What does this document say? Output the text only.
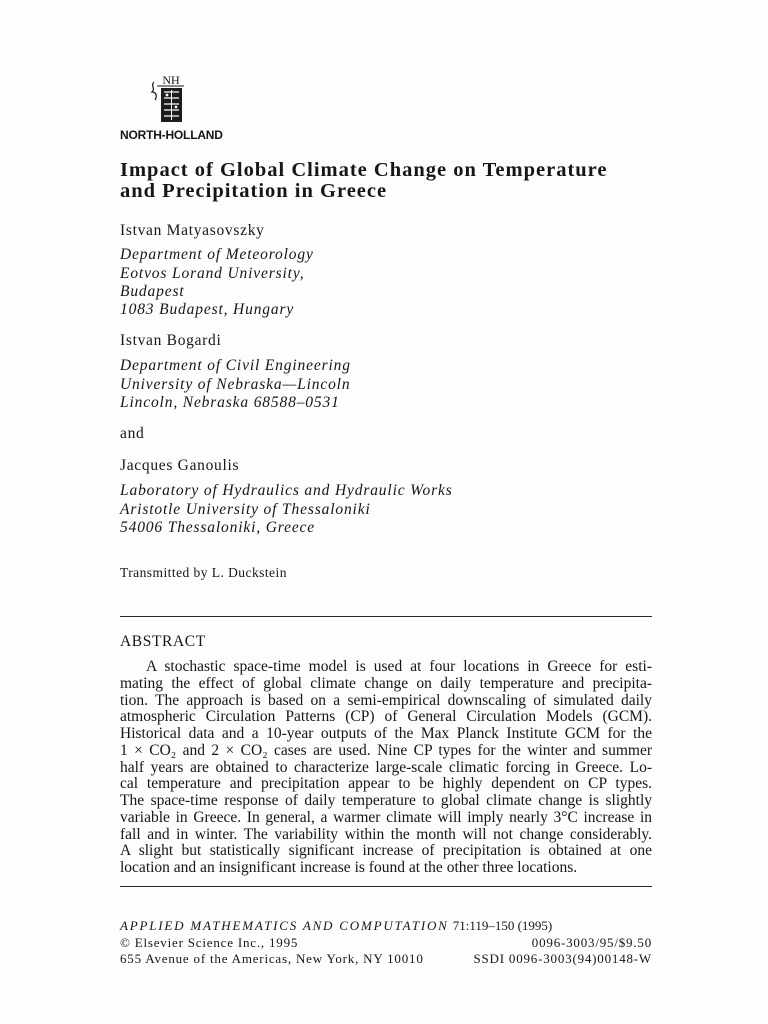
NH
NORTH-HOLLAND
Impact of Global Climate Change on Temperature
and Precipitation in Greece
Istvan Matyasovszky
Department of Meteorology
Eotvos Lorand University,
Budapest
1083 Budapest, Hungary
Istvan Bogardi
Department of Civil Engineering
University of Nebraska—Lincoln
Lincoln, Nebraska 68588–0531
and
Jacques Ganoulis
Laboratory of Hydraulics and Hydraulic Works
Aristotle University of Thessaloniki
54006 Thessaloniki, Greece
Transmitted by L. Duckstein
ABSTRACT
A stochastic space-time model is used at four locations in Greece for esti-
mating the effect of global climate change on daily temperature and precipita-
tion. The approach is based on a semi-empirical downscaling of simulated daily
atmospheric Circulation Patterns (CP) of General Circulation Models (GCM).
Historical data and a 10-year outputs of the Max Planck Institute GCM for the
1 × CO₂ and 2 × CO₂ cases are used. Nine CP types for the winter and summer
half years are obtained to characterize large-scale climatic forcing in Greece. Lo-
cal temperature and precipitation appear to be highly dependent on CP types.
The space-time response of daily temperature to global climate change is slightly
variable in Greece. In general, a warmer climate will imply nearly 3°C increase in
fall and in winter. The variability within the month will not change considerably.
A slight but statistically significant increase of precipitation is obtained at one
location and an insignificant increase is found at the other three locations.
APPLIED MATHEMATICS AND COMPUTATION 71:119–150 (1995)
© Elsevier Science Inc., 1995	0096-3003/95/$9.50
655 Avenue of the Americas, New York, NY 10010	SSDI 0096-3003(94)00148-W
